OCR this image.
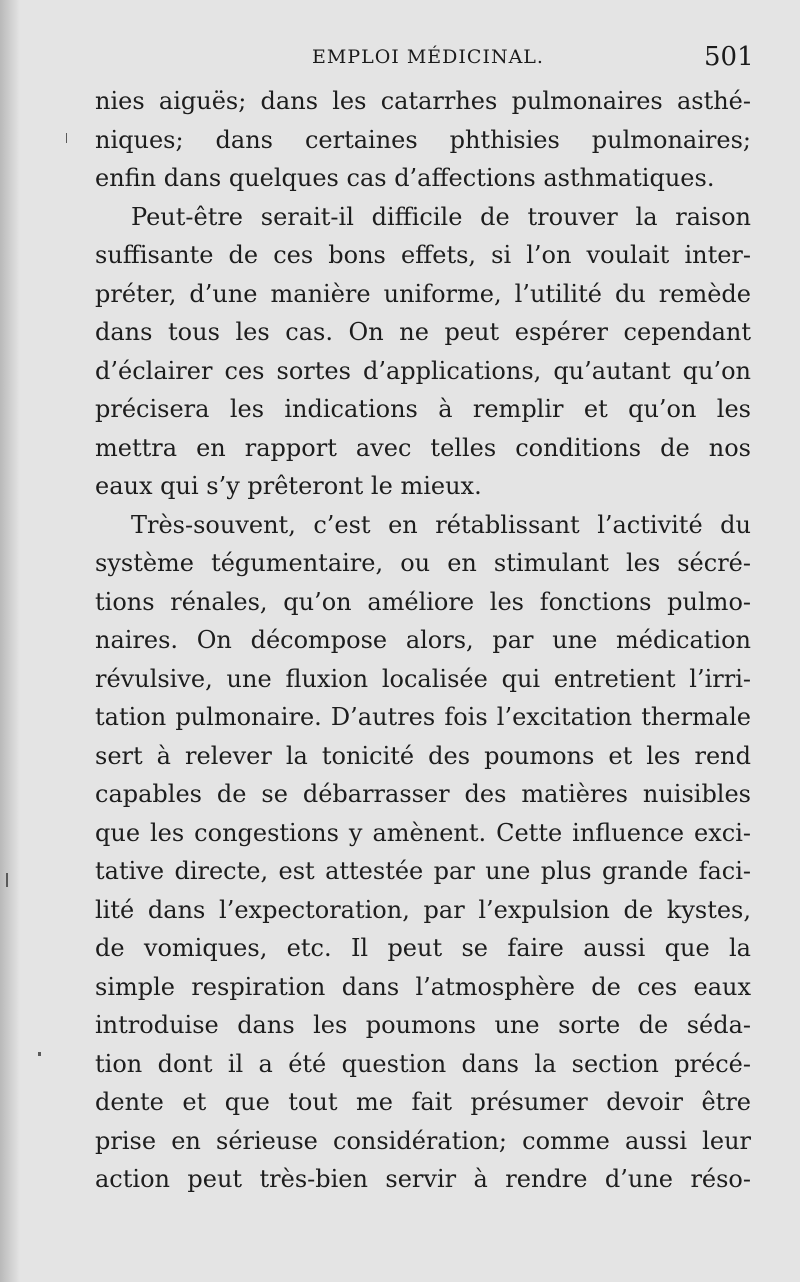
EMPLOI MÉDICINAL.	501
nies aiguës; dans les catarrhes pulmonaires asthé-
niques; dans certaines phthisies pulmonaires;
enfin dans quelques cas d’affections asthmatiques.
Peut-être serait-il difficile de trouver la raison
suffisante de ces bons effets, si l’on voulait inter-
préter, d’une manière uniforme, l’utilité du remède
dans tous les cas. On ne peut espérer cependant
d’éclairer ces sortes d’applications, qu’autant qu’on
précisera les indications à remplir et qu’on les
mettra en rapport avec telles conditions de nos
eaux qui s’y prêteront le mieux.
Très-souvent, c’est en rétablissant l’activité du
système tégumentaire, ou en stimulant les sécré-
tions rénales, qu’on améliore les fonctions pulmo-
naires. On décompose alors, par une médication
révulsive, une fluxion localisée qui entretient l’irri-
tation pulmonaire. D’autres fois l’excitation thermale
sert à relever la tonicité des poumons et les rend
capables de se débarrasser des matières nuisibles
que les congestions y amènent. Cette influence exci-
tative directe, est attestée par une plus grande faci-
lité dans l’expectoration, par l’expulsion de kystes,
de vomiques, etc. Il peut se faire aussi que la
simple respiration dans l’atmosphère de ces eaux
introduise dans les poumons une sorte de séda-
tion dont il a été question dans la section précé-
dente et que tout me fait présumer devoir être
prise en sérieuse considération; comme aussi leur
action peut très-bien servir à rendre d’une réso-
